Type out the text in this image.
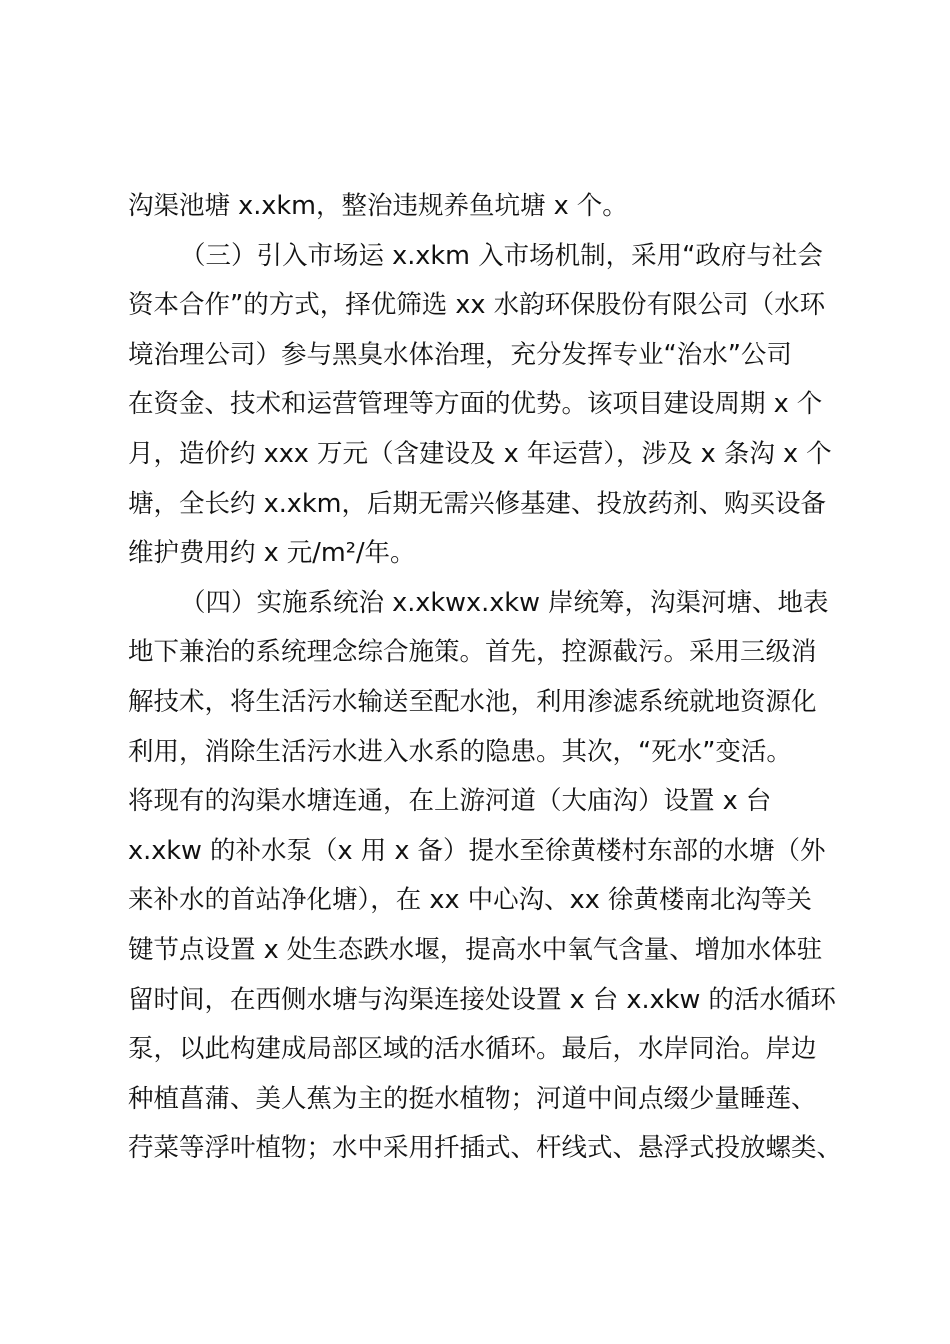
沟渠池塘 x.xkm，整治违规养鱼坑塘 x 个。
（三）引入市场运 x.xkm 入市场机制，采用“政府与社会
资本合作”的方式，择优筛选 xx 水韵环保股份有限公司（水环
境治理公司）参与黑臭水体治理，充分发挥专业“治水”公司
在资金、技术和运营管理等方面的优势。该项目建设周期 x 个
月，造价约 xxx 万元（含建设及 x 年运营），涉及 x 条沟 x 个
塘，全长约 x.xkm，后期无需兴修基建、投放药剂、购买设备
维护费用约 x 元/m²/年。
（四）实施系统治 x.xkwx.xkw 岸统筹，沟渠河塘、地表
地下兼治的系统理念综合施策。首先，控源截污。采用三级消
解技术，将生活污水输送至配水池，利用渗滤系统就地资源化
利用，消除生活污水进入水系的隐患。其次，“死水”变活。
将现有的沟渠水塘连通，在上游河道（大庙沟）设置 x 台
x.xkw 的补水泵（x 用 x 备）提水至徐黄楼村东部的水塘（外
来补水的首站净化塘），在 xx 中心沟、xx 徐黄楼南北沟等关
键节点设置 x 处生态跌水堰，提高水中氧气含量、增加水体驻
留时间，在西侧水塘与沟渠连接处设置 x 台 x.xkw 的活水循环
泵，以此构建成局部区域的活水循环。最后，水岸同治。岸边
种植菖蒲、美人蕉为主的挺水植物；河道中间点缀少量睡莲、
荇菜等浮叶植物；水中采用扦插式、杆线式、悬浮式投放螺类、
